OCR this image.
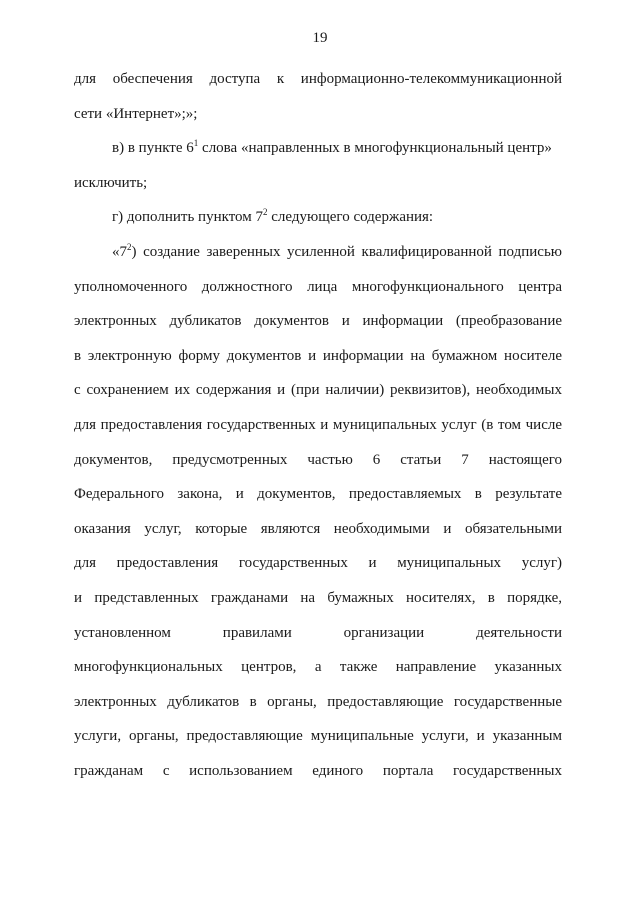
19
для обеспечения доступа к информационно-телекоммуникационной
сети «Интернет»;»;
в) в пункте $6^1$ слова «направленных в многофункциональный центр»
исключить;
г) дополнить пунктом $7^2$ следующего содержания:
«$7^2$) создание заверенных усиленной квалифицированной подписью
уполномоченного должностного лица многофункционального центра
электронных дубликатов документов и информации (преобразование
в электронную форму документов и информации на бумажном носителе
с сохранением их содержания и (при наличии) реквизитов), необходимых
для предоставления государственных и муниципальных услуг (в том числе
документов, предусмотренных частью 6 статьи 7 настоящего
Федерального закона, и документов, предоставляемых в результате
оказания услуг, которые являются необходимыми и обязательными
для предоставления государственных и муниципальных услуг)
и представленных гражданами на бумажных носителях, в порядке,
установленном правилами организации деятельности
многофункциональных центров, а также направление указанных
электронных дубликатов в органы, предоставляющие государственные
услуги, органы, предоставляющие муниципальные услуги, и указанным
гражданам с использованием единого портала государственных
